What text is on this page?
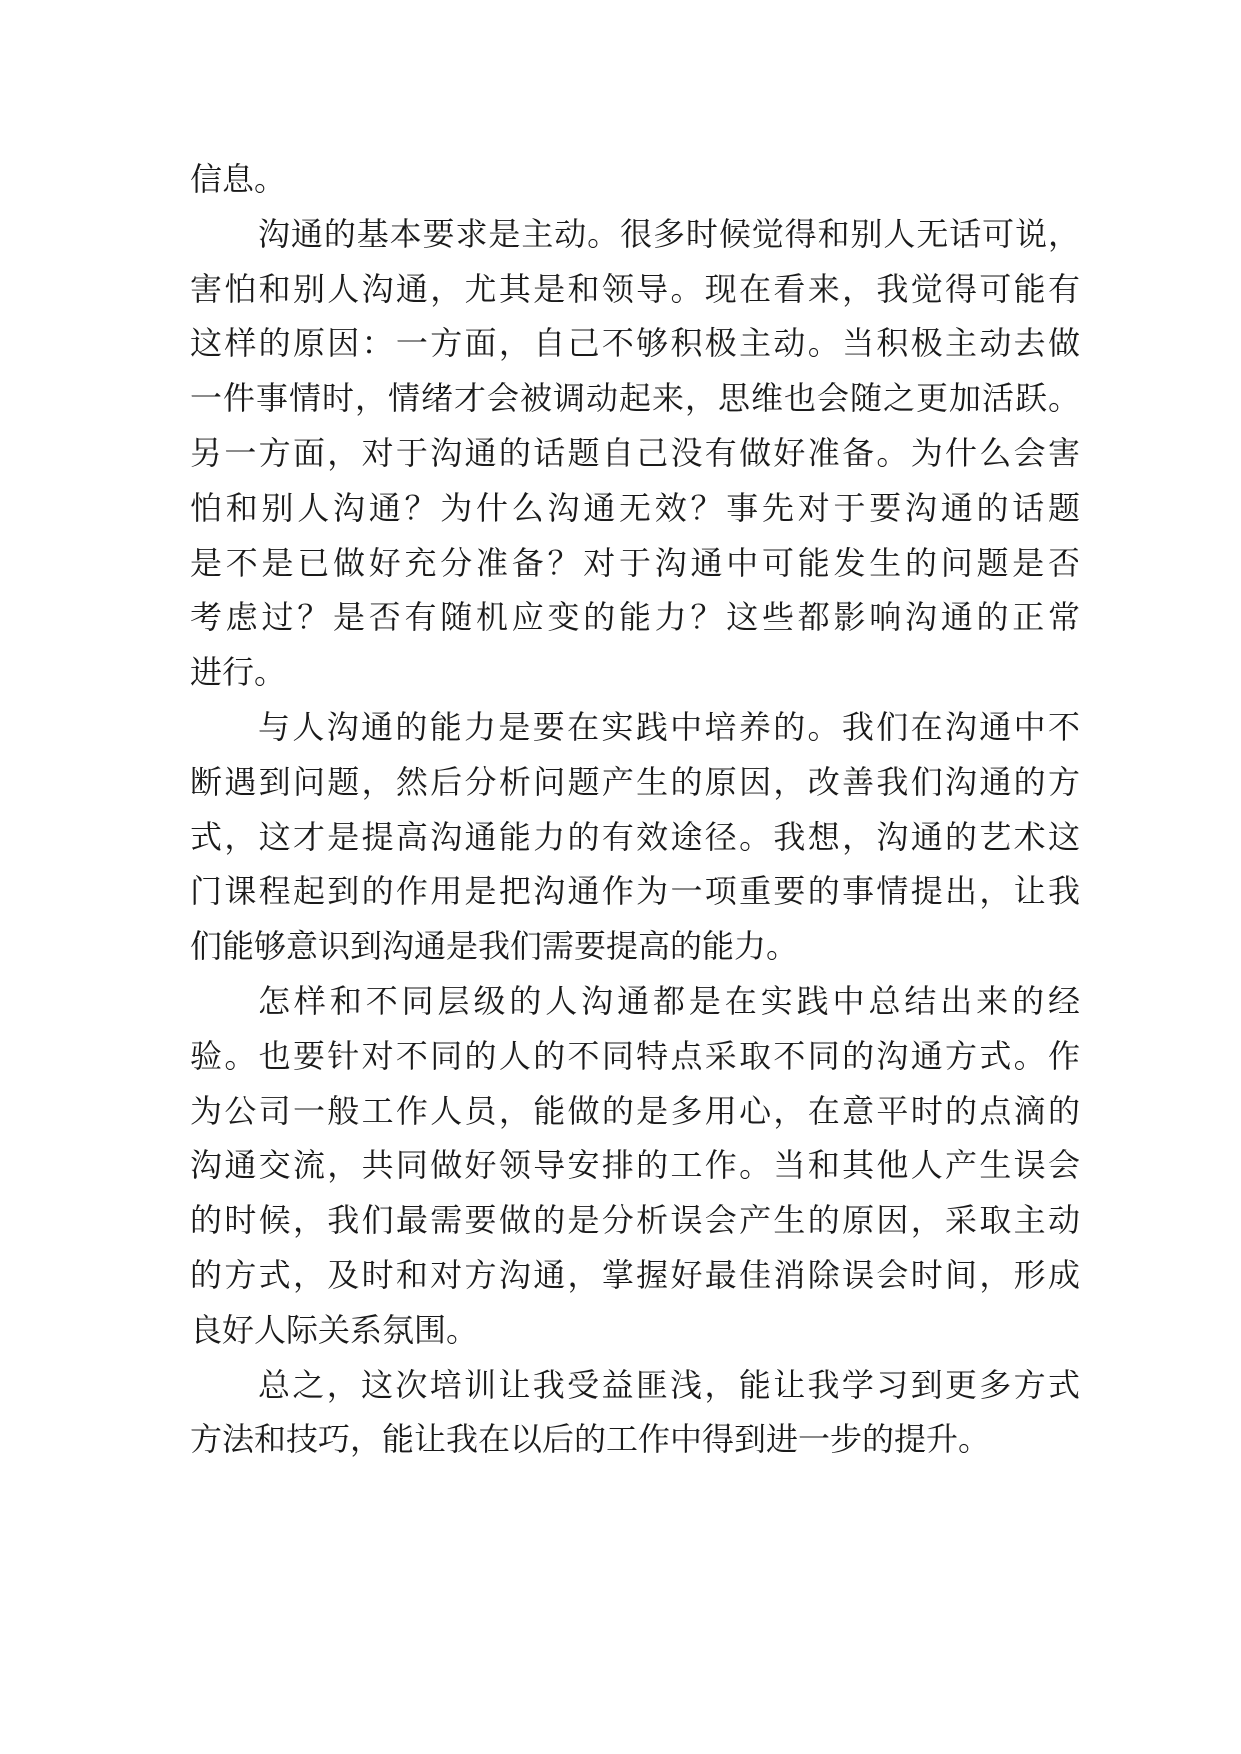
信息。
沟通的基本要求是主动。很多时候觉得和别人无话可说，
害怕和别人沟通，尤其是和领导。现在看来，我觉得可能有
这样的原因：一方面，自己不够积极主动。当积极主动去做
一件事情时，情绪才会被调动起来，思维也会随之更加活跃。
另一方面，对于沟通的话题自己没有做好准备。为什么会害
怕和别人沟通？为什么沟通无效？事先对于要沟通的话题
是不是已做好充分准备？对于沟通中可能发生的问题是否
考虑过？是否有随机应变的能力？这些都影响沟通的正常
进行。
与人沟通的能力是要在实践中培养的。我们在沟通中不
断遇到问题，然后分析问题产生的原因，改善我们沟通的方
式，这才是提高沟通能力的有效途径。我想，沟通的艺术这
门课程起到的作用是把沟通作为一项重要的事情提出，让我
们能够意识到沟通是我们需要提高的能力。
怎样和不同层级的人沟通都是在实践中总结出来的经
验。也要针对不同的人的不同特点采取不同的沟通方式。作
为公司一般工作人员，能做的是多用心，在意平时的点滴的
沟通交流，共同做好领导安排的工作。当和其他人产生误会
的时候，我们最需要做的是分析误会产生的原因，采取主动
的方式，及时和对方沟通，掌握好最佳消除误会时间，形成
良好人际关系氛围。
总之，这次培训让我受益匪浅，能让我学习到更多方式
方法和技巧，能让我在以后的工作中得到进一步的提升。
